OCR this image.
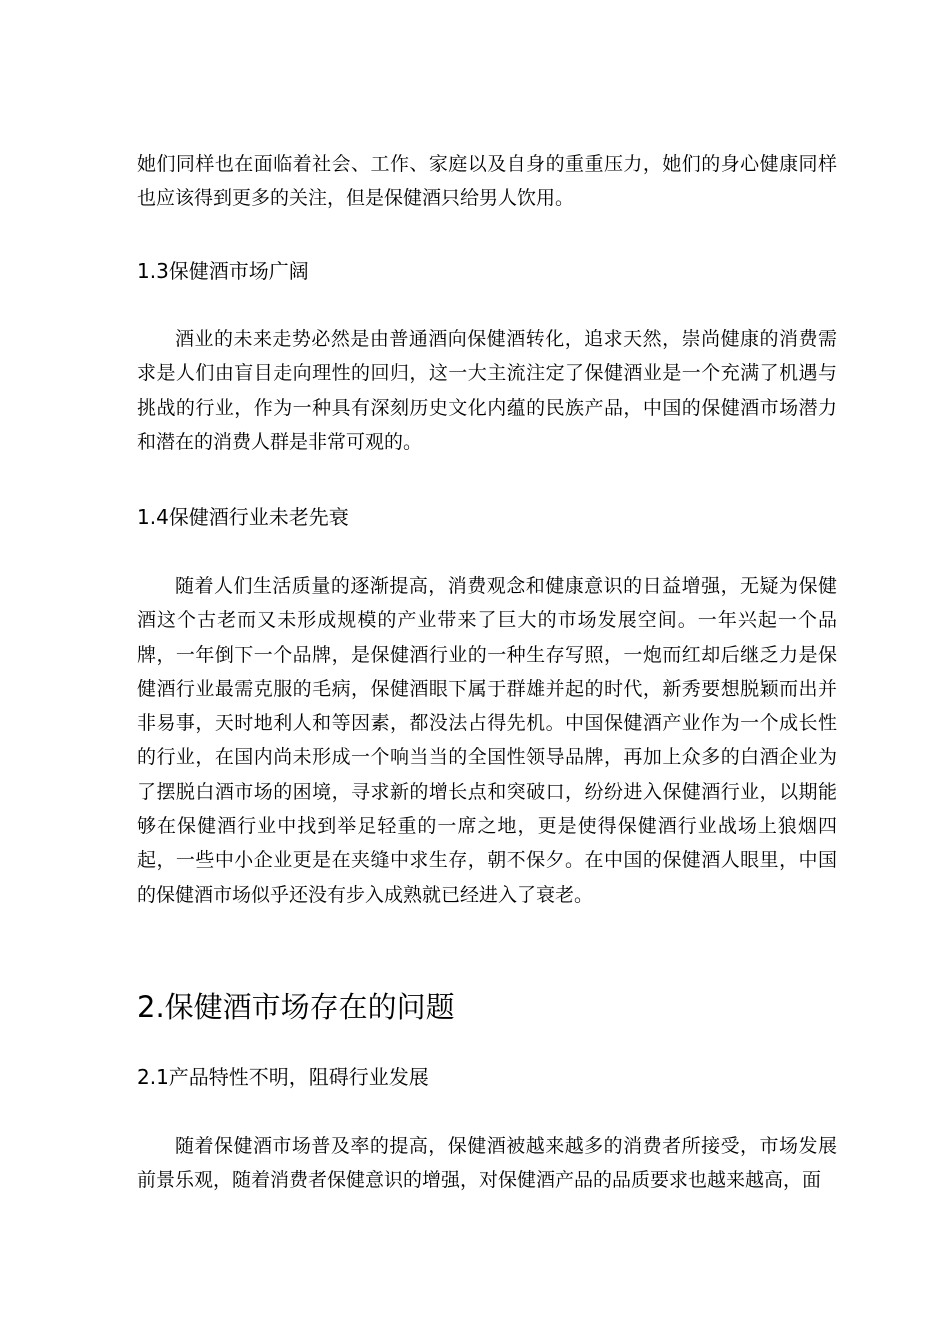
她们同样也在面临着社会、工作、家庭以及自身的重重压力，她们的身心健康同样也应该得到更多的关注，但是保健酒只给男人饮用。

1.3保健酒市场广阔

酒业的未来走势必然是由普通酒向保健酒转化，追求天然，崇尚健康的消费需求是人们由盲目走向理性的回归，这一大主流注定了保健酒业是一个充满了机遇与挑战的行业，作为一种具有深刻历史文化内蕴的民族产品，中国的保健酒市场潜力和潜在的消费人群是非常可观的。

1.4保健酒行业未老先衰

随着人们生活质量的逐渐提高，消费观念和健康意识的日益增强，无疑为保健酒这个古老而又未形成规模的产业带来了巨大的市场发展空间。一年兴起一个品牌，一年倒下一个品牌，是保健酒行业的一种生存写照，一炮而红却后继乏力是保健酒行业最需克服的毛病，保健酒眼下属于群雄并起的时代，新秀要想脱颖而出并非易事，天时地利人和等因素，都没法占得先机。中国保健酒产业作为一个成长性的行业，在国内尚未形成一个响当当的全国性领导品牌，再加上众多的白酒企业为了摆脱白酒市场的困境，寻求新的增长点和突破口，纷纷进入保健酒行业，以期能够在保健酒行业中找到举足轻重的一席之地，更是使得保健酒行业战场上狼烟四起，一些中小企业更是在夹缝中求生存，朝不保夕。在中国的保健酒人眼里，中国的保健酒市场似乎还没有步入成熟就已经进入了衰老。

2.保健酒市场存在的问题
2.1产品特性不明，阻碍行业发展

随着保健酒市场普及率的提高，保健酒被越来越多的消费者所接受，市场发展前景乐观，随着消费者保健意识的增强，对保健酒产品的品质要求也越来越高，面
